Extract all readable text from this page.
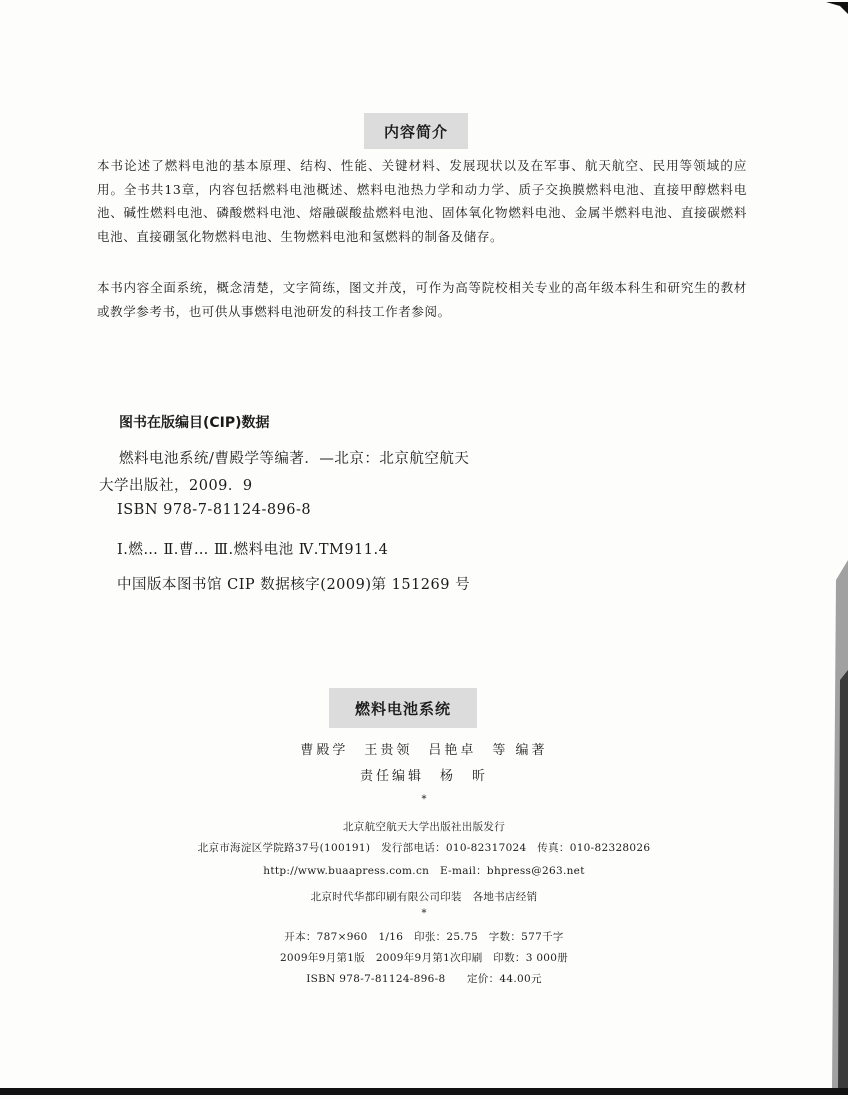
内容简介
本书论述了燃料电池的基本原理、结构、性能、关键材料、发展现状以及在军事、航天航空、民用等领域的应用。全书共13章，内容包括燃料电池概述、燃料电池热力学和动力学、质子交换膜燃料电池、直接甲醇燃料电池、碱性燃料电池、磷酸燃料电池、熔融碳酸盐燃料电池、固体氧化物燃料电池、金属半燃料电池、直接碳燃料电池、直接硼氢化物燃料电池、生物燃料电池和氢燃料的制备及储存。
本书内容全面系统，概念清楚，文字简练，图文并茂，可作为高等院校相关专业的高年级本科生和研究生的教材或教学参考书，也可供从事燃料电池研发的科技工作者参阅。
图书在版编目(CIP)数据
燃料电池系统/曹殿学等编著．—北京：北京航空航天
大学出版社，2009．9
ISBN 978-7-81124-896-8
Ⅰ.燃… Ⅱ.曹… Ⅲ.燃料电池 Ⅳ.TM911.4
中国版本图书馆 CIP 数据核字(2009)第 151269 号
燃料电池系统
曹殿学　王贵领　吕艳卓　等 编著
责任编辑　杨　昕
*
北京航空航天大学出版社出版发行
北京市海淀区学院路37号(100191)　发行部电话：010-82317024　传真：010-82328026
http://www.buaapress.com.cn　E-mail：bhpress@263.net
北京时代华都印刷有限公司印装　各地书店经销
*
开本：787×960　1/16　印张：25.75　字数：577千字
2009年9月第1版　2009年9月第1次印刷　印数：3 000册
ISBN 978-7-81124-896-8　　定价：44.00元
